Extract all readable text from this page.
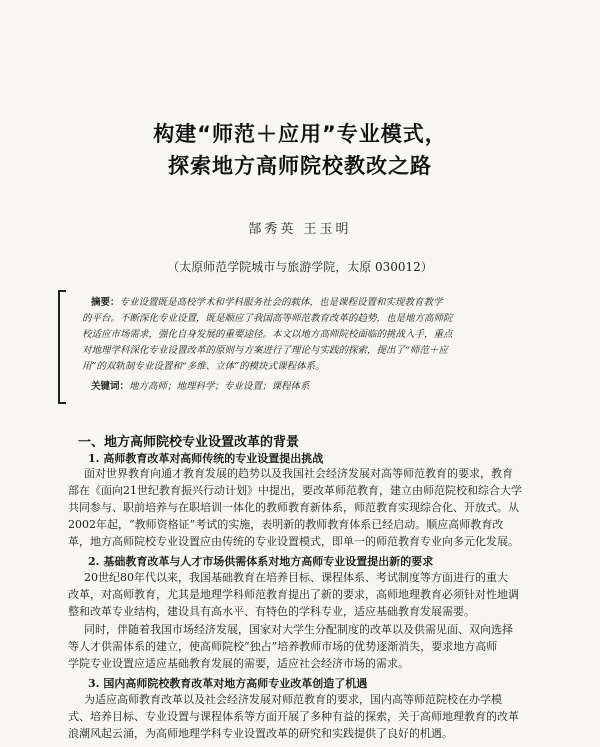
构建“师范＋应用”专业模式，
探索地方高师院校教改之路
郜秀英 王玉明
（太原师范学院城市与旅游学院，太原 030012）
摘要：专业设置既是高校学术和学科服务社会的载体，也是课程设置和实现教育教学
的平台。不断深化专业设置，既是顺应了我国高等师范教育改革的趋势，也是地方高师院
校适应市场需求，强化自身发展的重要途径。本文以地方高师院校面临的挑战入手，重点
对地理学科深化专业设置改革的原则与方案进行了理论与实践的探索，提出了“师范＋应
用”的双轨制专业设置和“多维、立体”的模块式课程体系。
关键词：地方高师；地理科学；专业设置；课程体系
一、地方高师院校专业设置改革的背景
1. 高师教育改革对高师传统的专业设置提出挑战
面对世界教育向通才教育发展的趋势以及我国社会经济发展对高等师范教育的要求，教育
部在《面向21世纪教育振兴行动计划》中提出，要改革师范教育，建立由师范院校和综合大学
共同参与、职前培养与在职培训一体化的教师教育新体系，师范教育实现综合化、开放式。从
2002年起，“教师资格证”考试的实施，表明新的教师教育体系已经启动。顺应高师教育改
革，地方高师院校专业设置应由传统的专业设置模式，即单一的师范教育专业向多元化发展。
2. 基础教育改革与人才市场供需体系对地方高师专业设置提出新的要求
20世纪80年代以来，我国基础教育在培养目标、课程体系、考试制度等方面进行的重大
改革，对高师教育，尤其是地理学科师范教育提出了新的要求，高师地理教育必须针对性地调
整和改革专业结构，建设具有高水平、有特色的学科专业，适应基础教育发展需要。
同时，伴随着我国市场经济发展，国家对大学生分配制度的改革以及供需见面、双向选择
等人才供需体系的建立，使高师院校“独占”培养教师市场的优势逐渐消失，要求地方高师
学院专业设置应适应基础教育发展的需要，适应社会经济市场的需求。
3. 国内高师院校教育改革对地方高师专业改革创造了机遇
为适应高师教育改革以及社会经济发展对师范教育的要求，国内高等师范院校在办学模
式、培养目标、专业设置与课程体系等方面开展了多种有益的探索，关于高师地理教育的改革
浪潮风起云涌，为高师地理学科专业设置改革的研究和实践提供了良好的机遇。
